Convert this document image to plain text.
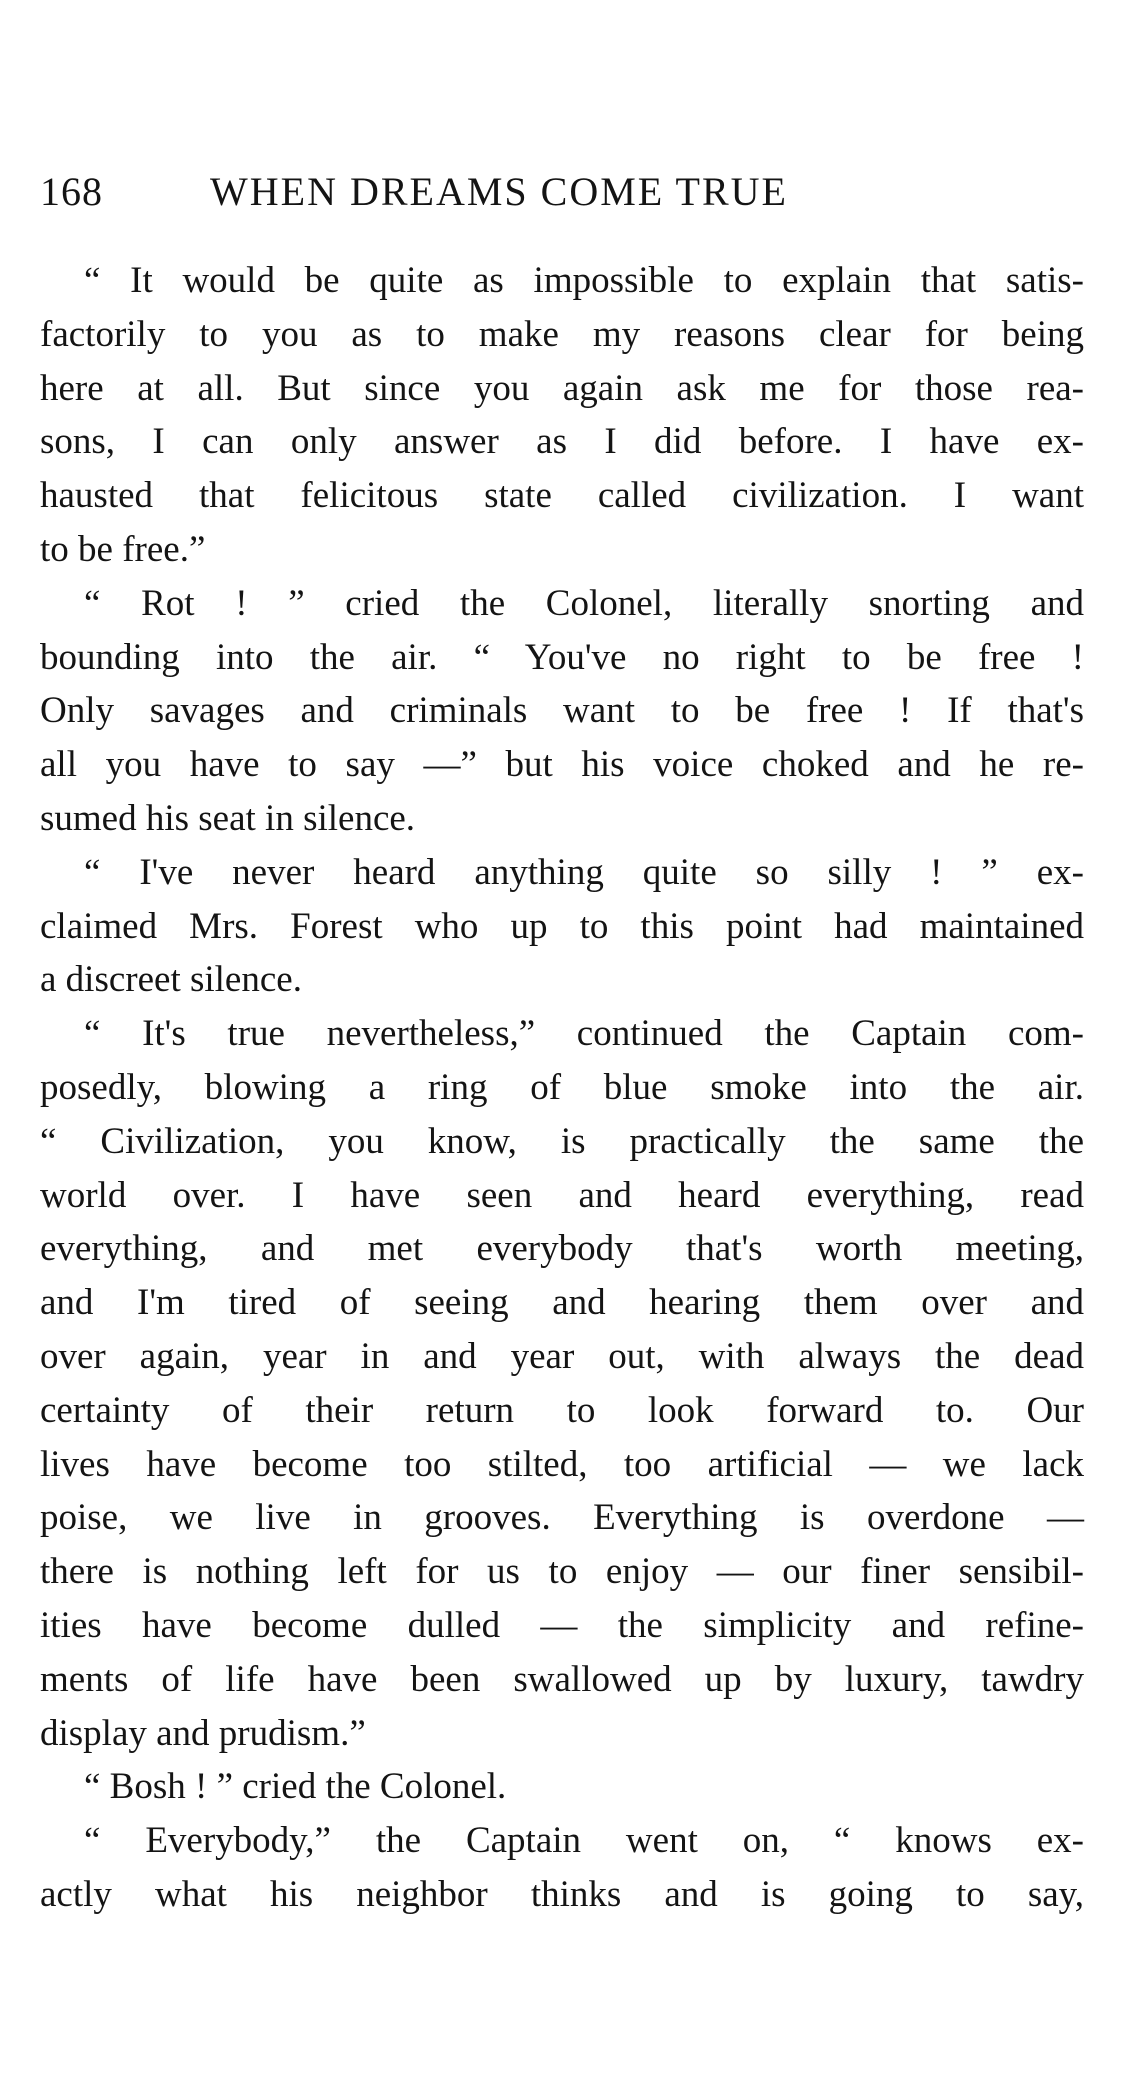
168	WHEN DREAMS COME TRUE
“ It would be quite as impossible to explain that satis-
factorily to you as to make my reasons clear for being
here at all. But since you again ask me for those rea-
sons, I can only answer as I did before. I have ex-
hausted that felicitous state called civilization. I want
to be free.”
“ Rot ! ” cried the Colonel, literally snorting and
bounding into the air. “ You've no right to be free !
Only savages and criminals want to be free ! If that's
all you have to say —” but his voice choked and he re-
sumed his seat in silence.
“ I've never heard anything quite so silly ! ” ex-
claimed Mrs. Forest who up to this point had maintained
a discreet silence.
“ It's true nevertheless,” continued the Captain com-
posedly, blowing a ring of blue smoke into the air.
“ Civilization, you know, is practically the same the
world over. I have seen and heard everything, read
everything, and met everybody that's worth meeting,
and I'm tired of seeing and hearing them over and
over again, year in and year out, with always the dead
certainty of their return to look forward to. Our
lives have become too stilted, too artificial — we lack
poise, we live in grooves. Everything is overdone —
there is nothing left for us to enjoy — our finer sensibil-
ities have become dulled — the simplicity and refine-
ments of life have been swallowed up by luxury, tawdry
display and prudism.”
“ Bosh ! ” cried the Colonel.
“ Everybody,” the Captain went on, “ knows ex-
actly what his neighbor thinks and is going to say,
